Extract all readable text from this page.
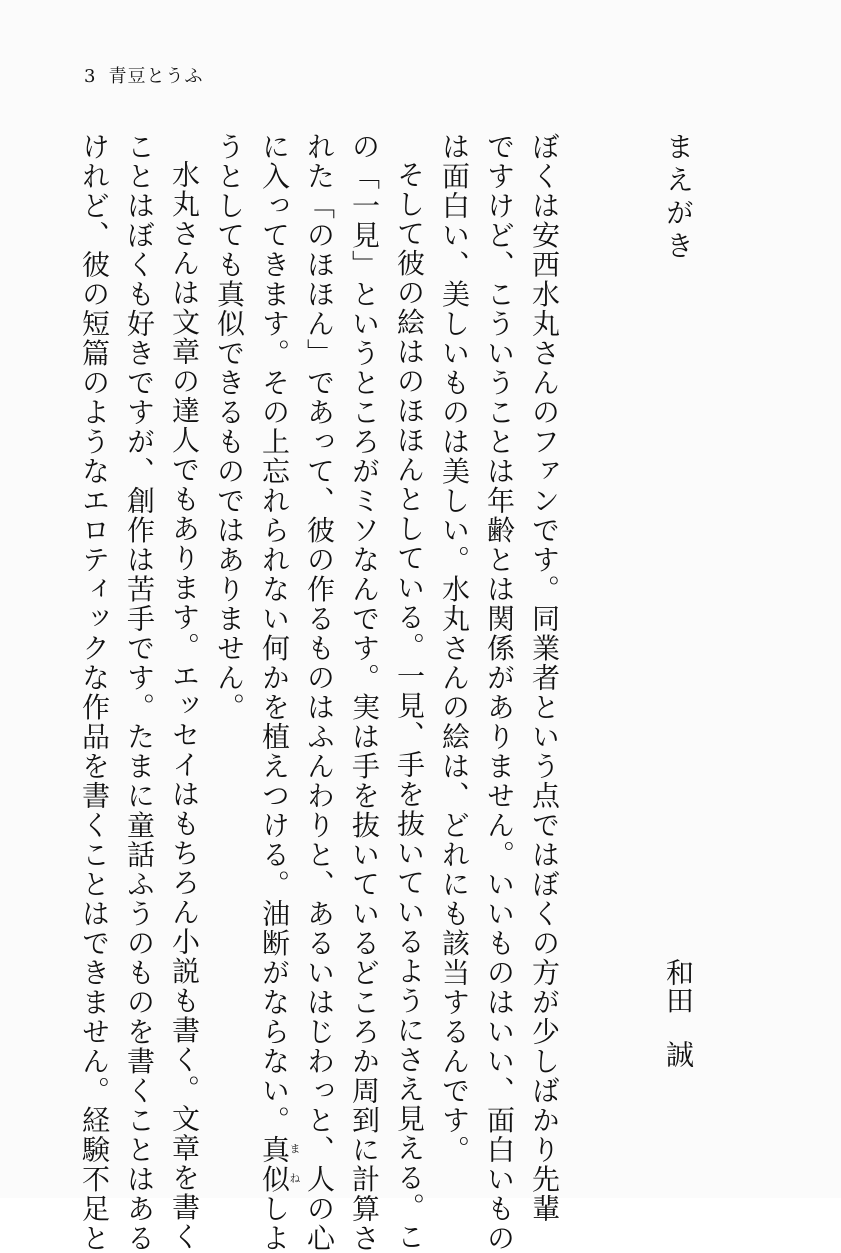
3 青豆とうふ
まえがき
和田誠
ぼくは安西水丸さんのファンです。同業者という点ではぼくの方が少しばかり先輩
ですけど、こういうことは年齢とは関係がありません。いいものはいい、面白いもの
は面白い、美しいものは美しい。水丸さんの絵は、どれにも該当するんです。
そして彼の絵はのほほんとしている。一見、手を抜いているようにさえ見える。こ
の「一見」というところがミソなんです。実は手を抜いているどころか周到に計算さ
れた「のほほん」であって、彼の作るものはふんわりと、あるいはじわっと、人の心
に入ってきます。その上忘れられない何かを植えつける。油断がならない。真似まねしよ
うとしても真似できるものではありません。
水丸さんは文章の達人でもあります。エッセイはもちろん小説も書く。文章を書く
ことはぼくも好きですが、創作は苦手です。たまに童話ふうのものを書くことはある
けれど、彼の短篇のようなエロティックな作品を書くことはできません。経験不足と
